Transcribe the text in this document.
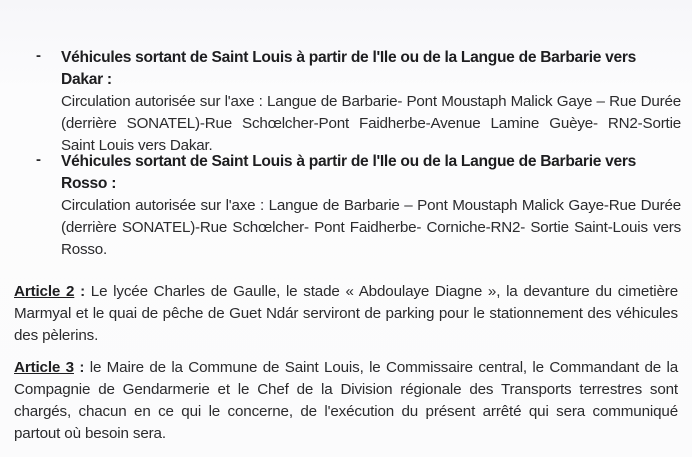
- Véhicules sortant de Saint Louis à partir de l'Ile ou de la Langue de Barbarie vers Dakar :
Circulation autorisée sur l'axe : Langue de Barbarie- Pont Moustaph Malick Gaye – Rue Durée (derrière SONATEL)-Rue Schœlcher-Pont Faidherbe-Avenue Lamine Guèye- RN2-Sortie Saint Louis vers Dakar.
- Véhicules sortant de Saint Louis à partir de l'Ile ou de la Langue de Barbarie vers Rosso :
Circulation autorisée sur l'axe : Langue de Barbarie – Pont Moustaph Malick Gaye-Rue Durée (derrière SONATEL)-Rue Schœlcher- Pont Faidherbe- Corniche-RN2- Sortie Saint-Louis vers Rosso.
Article 2 : Le lycée Charles de Gaulle, le stade « Abdoulaye Diagne », la devanture du cimetière Marmyal et le quai de pêche de Guet Ndár serviront de parking pour le stationnement des véhicules des pèlerins.
Article 3 : le Maire de la Commune de Saint Louis, le Commissaire central, le Commandant de la Compagnie de Gendarmerie et le Chef de la Division régionale des Transports terrestres sont chargés, chacun en ce qui le concerne, de l'exécution du présent arrêté qui sera communiqué partout où besoin sera.
